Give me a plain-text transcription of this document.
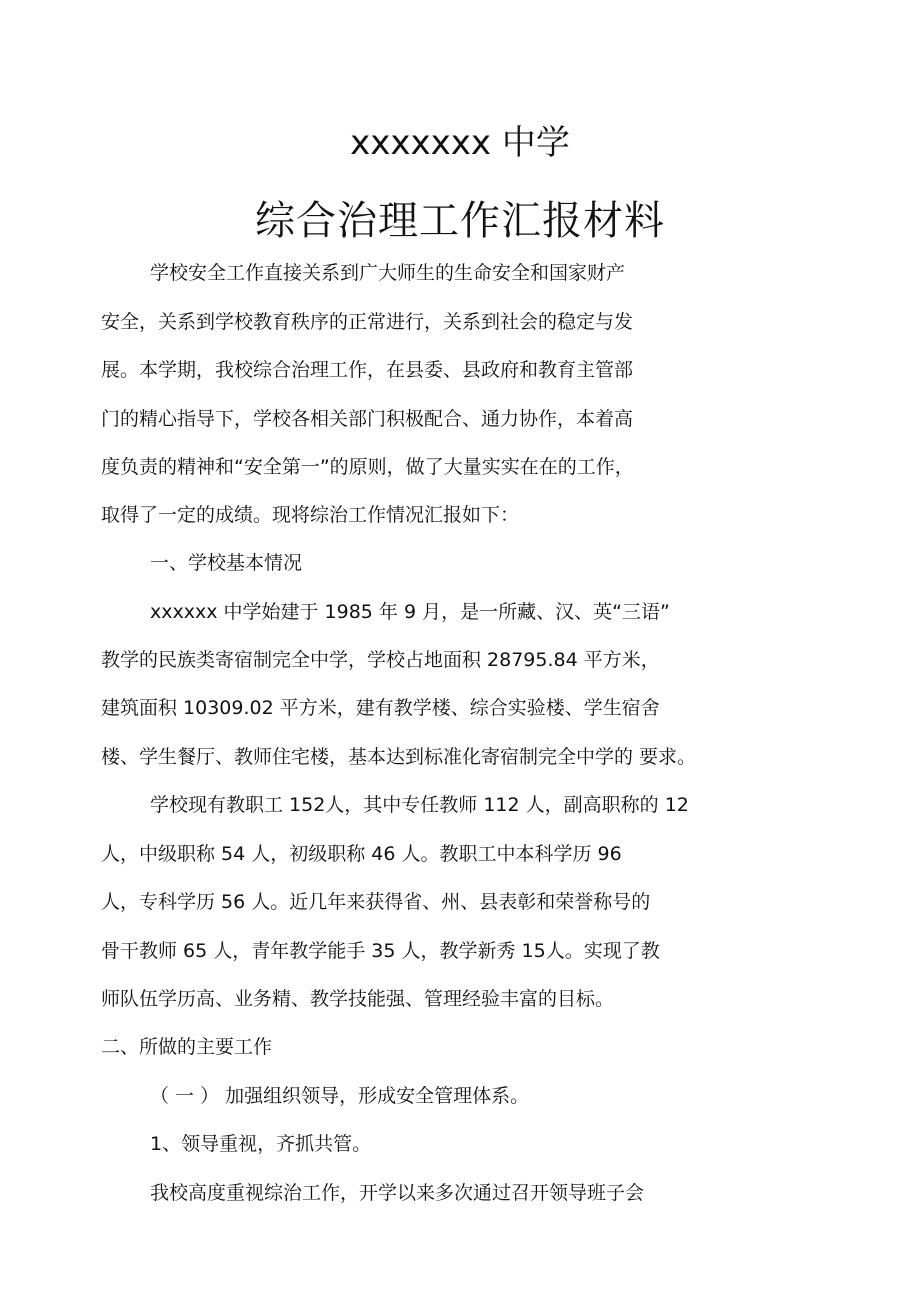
xxxxxxx 中学
综合治理工作汇报材料
学校安全工作直接关系到广大师生的生命安全和国家财产
安全，关系到学校教育秩序的正常进行，关系到社会的稳定与发
展。本学期，我校综合治理工作，在县委、县政府和教育主管部
门的精心指导下，学校各相关部门积极配合、通力协作，本着高
度负责的精神和“安全第一”的原则，做了大量实实在在的工作，
取得了一定的成绩。现将综治工作情况汇报如下：
一、学校基本情况
xxxxxx 中学始建于 1985 年 9 月，是一所藏、汉、英“三语”
教学的民族类寄宿制完全中学，学校占地面积 28795.84 平方米，
建筑面积 10309.02 平方米，建有教学楼、综合实验楼、学生宿舍
楼、学生餐厅、教师住宅楼，基本达到标准化寄宿制完全中学的 要求。
学校现有教职工 152人，其中专任教师 112 人，副高职称的 12
人，中级职称 54 人，初级职称 46 人。教职工中本科学历 96
人，专科学历 56 人。近几年来获得省、州、县表彰和荣誉称号的
骨干教师 65 人，青年教学能手 35 人，教学新秀 15人。实现了教
师队伍学历高、业务精、教学技能强、管理经验丰富的目标。
二、所做的主要工作
（ 一 ） 加强组织领导，形成安全管理体系。
1、领导重视，齐抓共管。
我校高度重视综治工作，开学以来多次通过召开领导班子会
